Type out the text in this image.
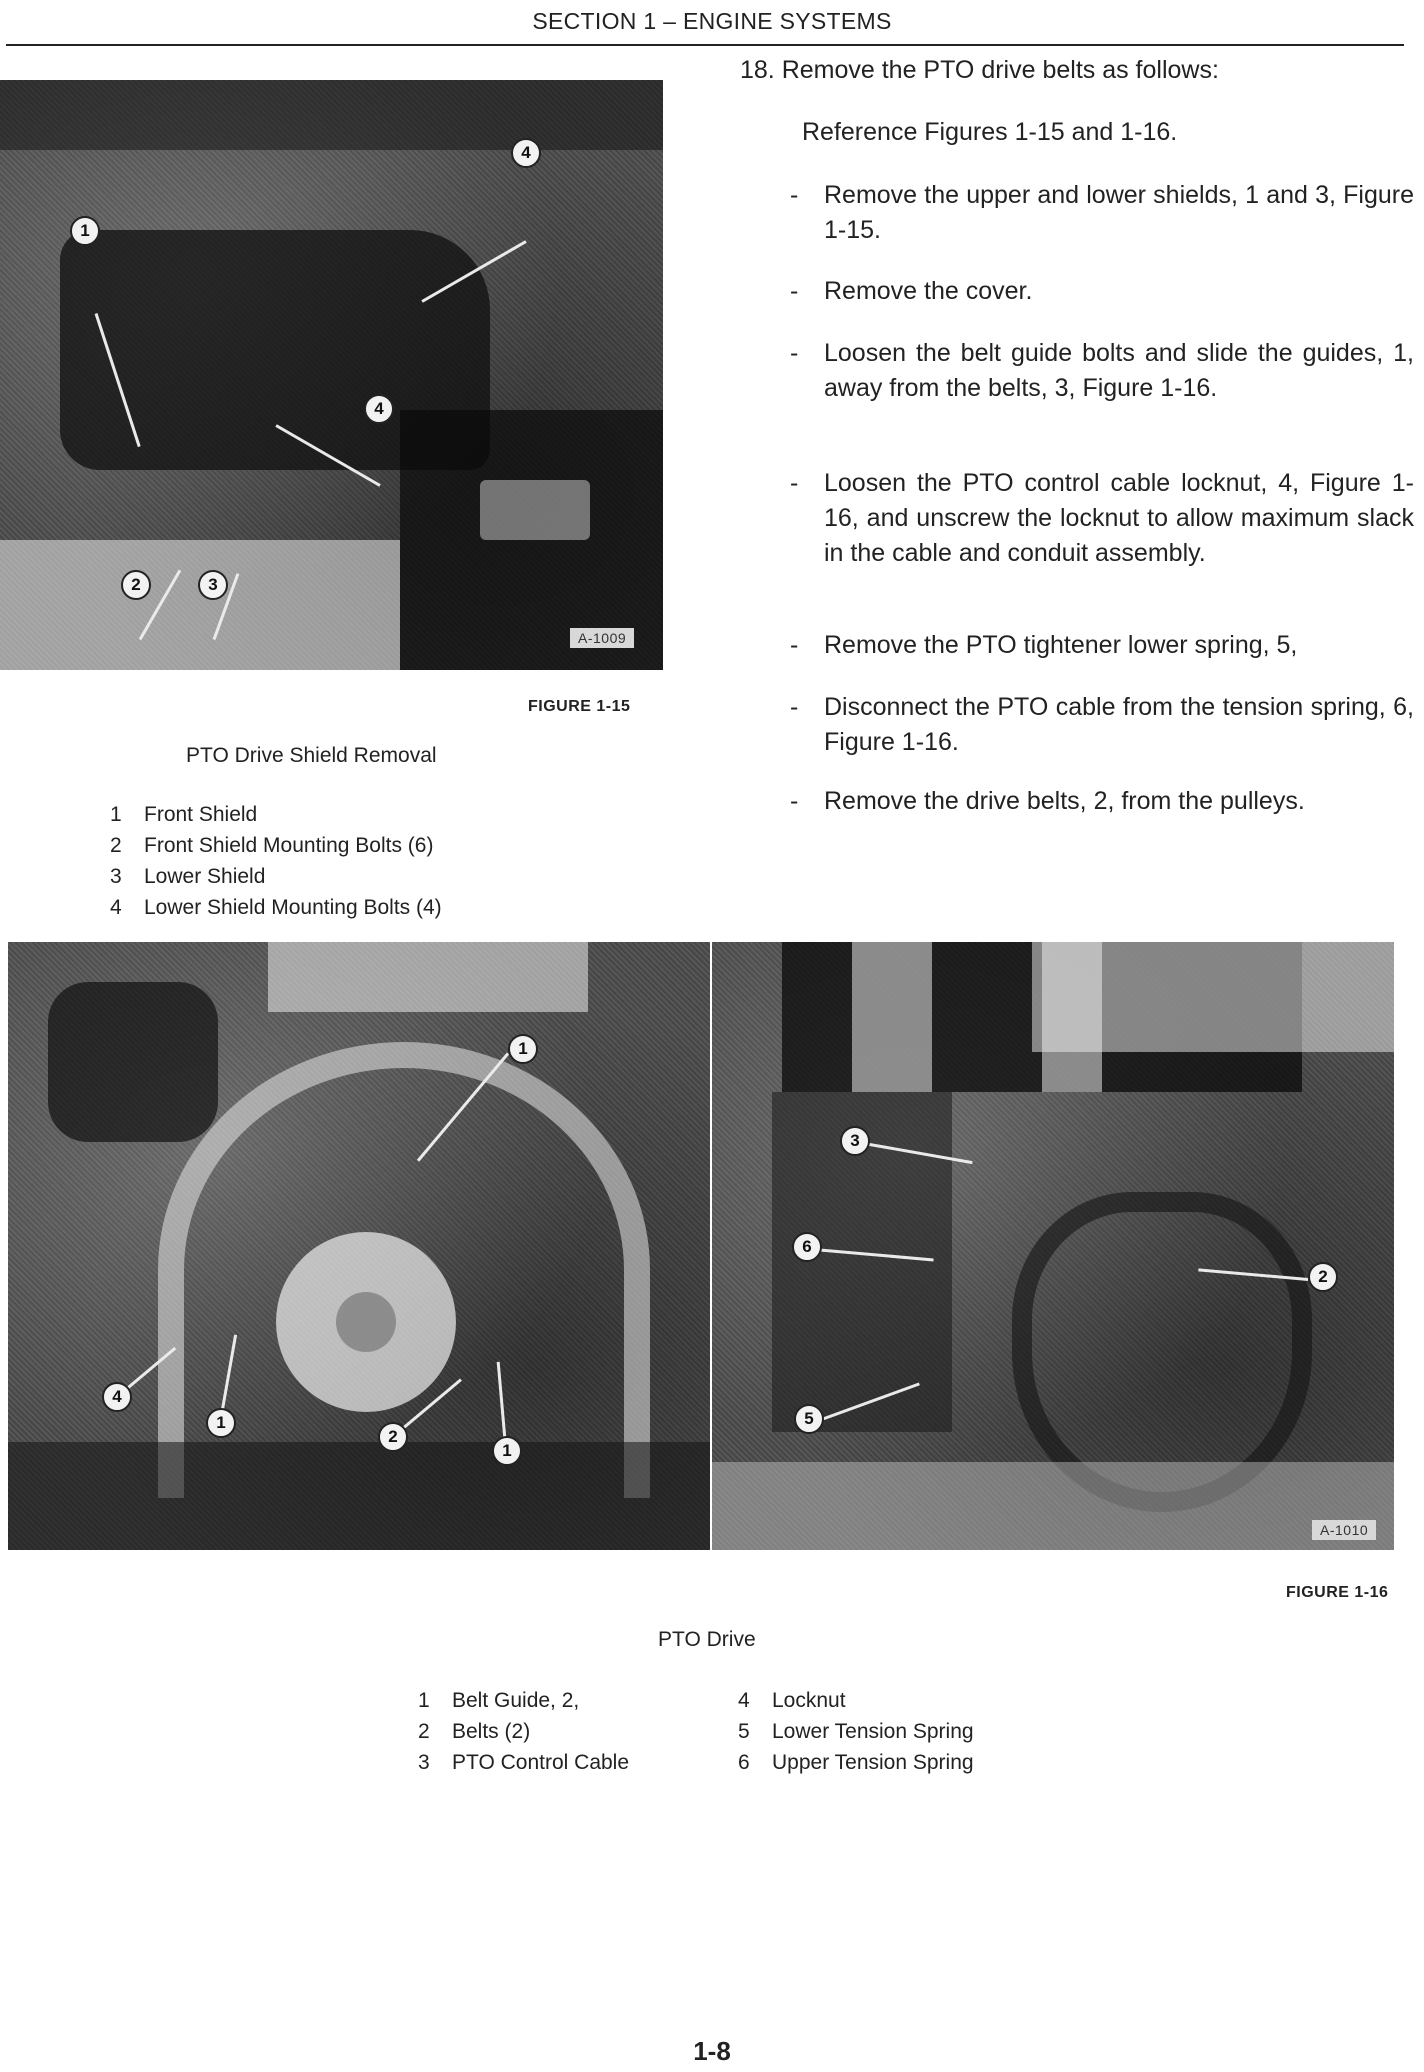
SECTION 1 – ENGINE SYSTEMS
1
4
4
2	3
A-1009
FIGURE 1-15
PTO Drive Shield Removal
1 Front Shield
2 Front Shield Mounting Bolts (6)
3 Lower Shield
4 Lower Shield Mounting Bolts (4)
18. Remove the PTO drive belts as follows:
Reference Figures 1-15 and 1-16.
- Remove the upper and lower shields, 1 and 3, Figure 1-15.
- Remove the cover.
- Loosen the belt guide bolts and slide the guides, 1, away from the belts, 3, Figure 1-16.
- Loosen the PTO control cable locknut, 4, Figure 1-16, and unscrew the locknut to allow maximum slack in the cable and conduit assembly.
- Remove the PTO tightener lower spring, 5,
- Disconnect the PTO cable from the tension spring, 6, Figure 1-16.
- Remove the drive belts, 2, from the pulleys.
1
4
1
2
1
3
6
5
2
A-1010
FIGURE 1-16
PTO Drive
1 Belt Guide, 2,
2 Belts (2)
3 PTO Control Cable
4 Locknut
5 Lower Tension Spring
6 Upper Tension Spring
1-8
